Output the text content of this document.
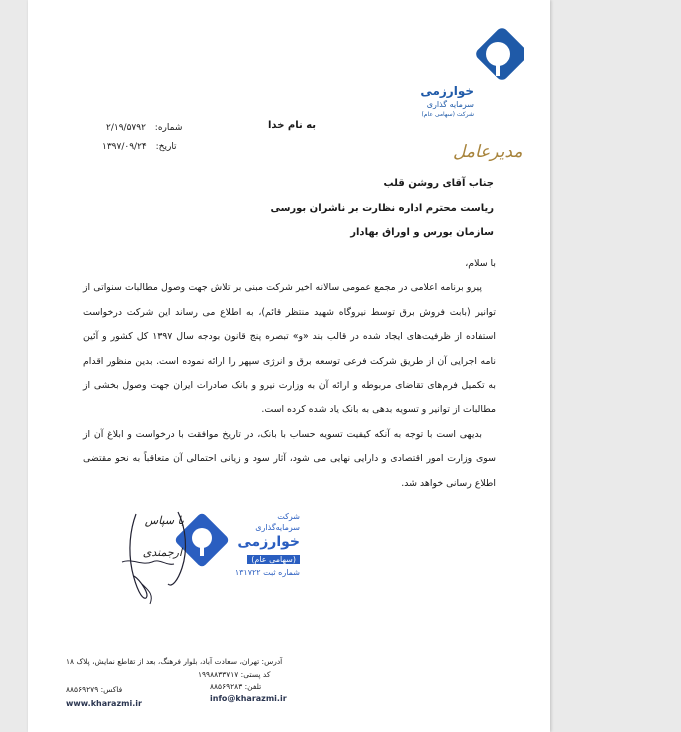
خوارزمی
سرمایه گذاری
شرکت (سهامی عام)
به نام خدا
شماره: ۲/۱۹/۵۷۹۲
تاریخ: ۱۳۹۷/۰۹/۲۴	مدیرعامل
جناب آقای روشن قلب
ریاست محترم اداره نظارت بر ناشران بورسی
سازمان بورس و اوراق بهادار

با سلام،

پیرو برنامه اعلامی در مجمع عمومی سالانه اخیر شرکت مبنی بر تلاش جهت وصول مطالبات سنواتی از توانیر (بابت فروش برق توسط نیروگاه شهید منتظر قائم)، به اطلاع می رساند این شرکت درخواست استفاده از ظرفیت‌های ایجاد شده در قالب بند «و» تبصره پنج قانون بودجه سال ۱۳۹۷ کل کشور و آئین نامه اجرایی آن از طریق شرکت فرعی توسعه برق و انرژی سپهر را ارائه نموده است. بدین منظور اقدام به تکمیل فرم‌های تقاضای مربوطه و ارائه آن به وزارت نیرو و بانک صادرات ایران جهت وصول بخشی از مطالبات از توانیر و تسویه بدهی به بانک یاد شده کرده است.

بدیهی است با توجه به آنکه کیفیت تسویه حساب با بانک، در تاریخ موافقت با درخواست و ابلاغ آن از سوی وزارت امور اقتصادی و دارایی نهایی می شود، آثار سود و زیانی احتمالی آن متعاقباً به نحو مقتضی اطلاع رسانی خواهد شد.

شرکت
سرمایه‌گذاری
خوارزمی
(سهامی عام)
شماره ثبت ۱۳۱۷۲۲
با سپاس
ارجمندی
آدرس: تهران، سعادت آباد، بلوار فرهنگ، بعد از تقاطع نمایش، پلاک ۱۸
کد پستی: ۱۹۹۸۸۳۳۷۱۷
تلفن: ۸۸۵۶۹۲۸۳
فاکس: ۸۸۵۶۹۲۷۹
info@kharazmi.ir
www.kharazmi.ir
